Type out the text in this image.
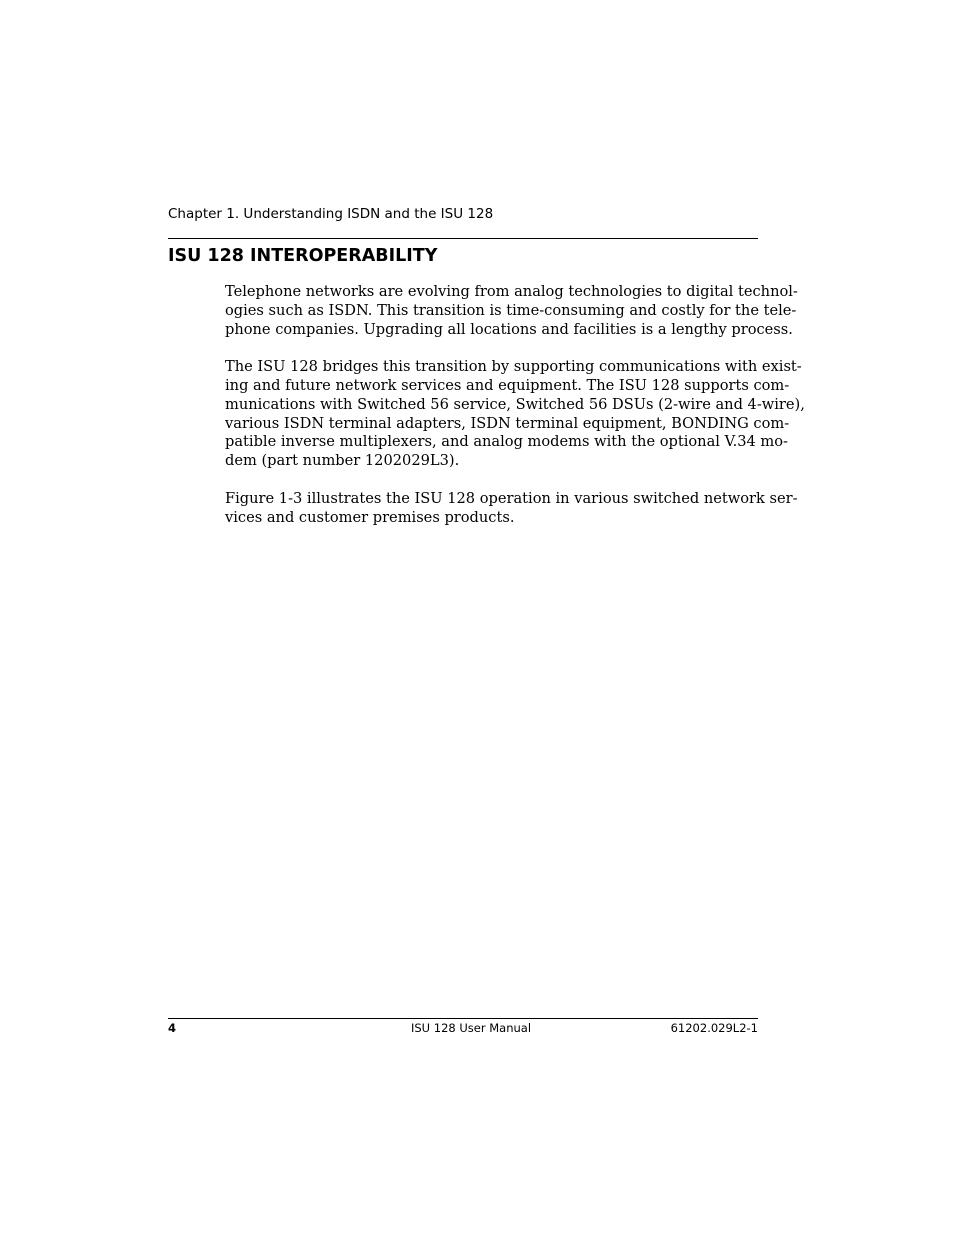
Chapter 1. Understanding ISDN and the ISU 128
ISU 128 INTEROPERABILITY

Telephone networks are evolving from analog technologies to digital technol-
ogies such as ISDN. This transition is time-consuming and costly for the tele-
phone companies. Upgrading all locations and facilities is a lengthy process.

The ISU 128 bridges this transition by supporting communications with exist-
ing and future network services and equipment. The ISU 128 supports com-
munications with Switched 56 service, Switched 56 DSUs (2-wire and 4-wire),
various ISDN terminal adapters, ISDN terminal equipment, BONDING com-
patible inverse multiplexers, and analog modems with the optional V.34 mo-
dem (part number 1202029L3).

Figure 1-3 illustrates the ISU 128 operation in various switched network ser-
vices and customer premises products.

4	ISU 128 User Manual	61202.029L2-1
